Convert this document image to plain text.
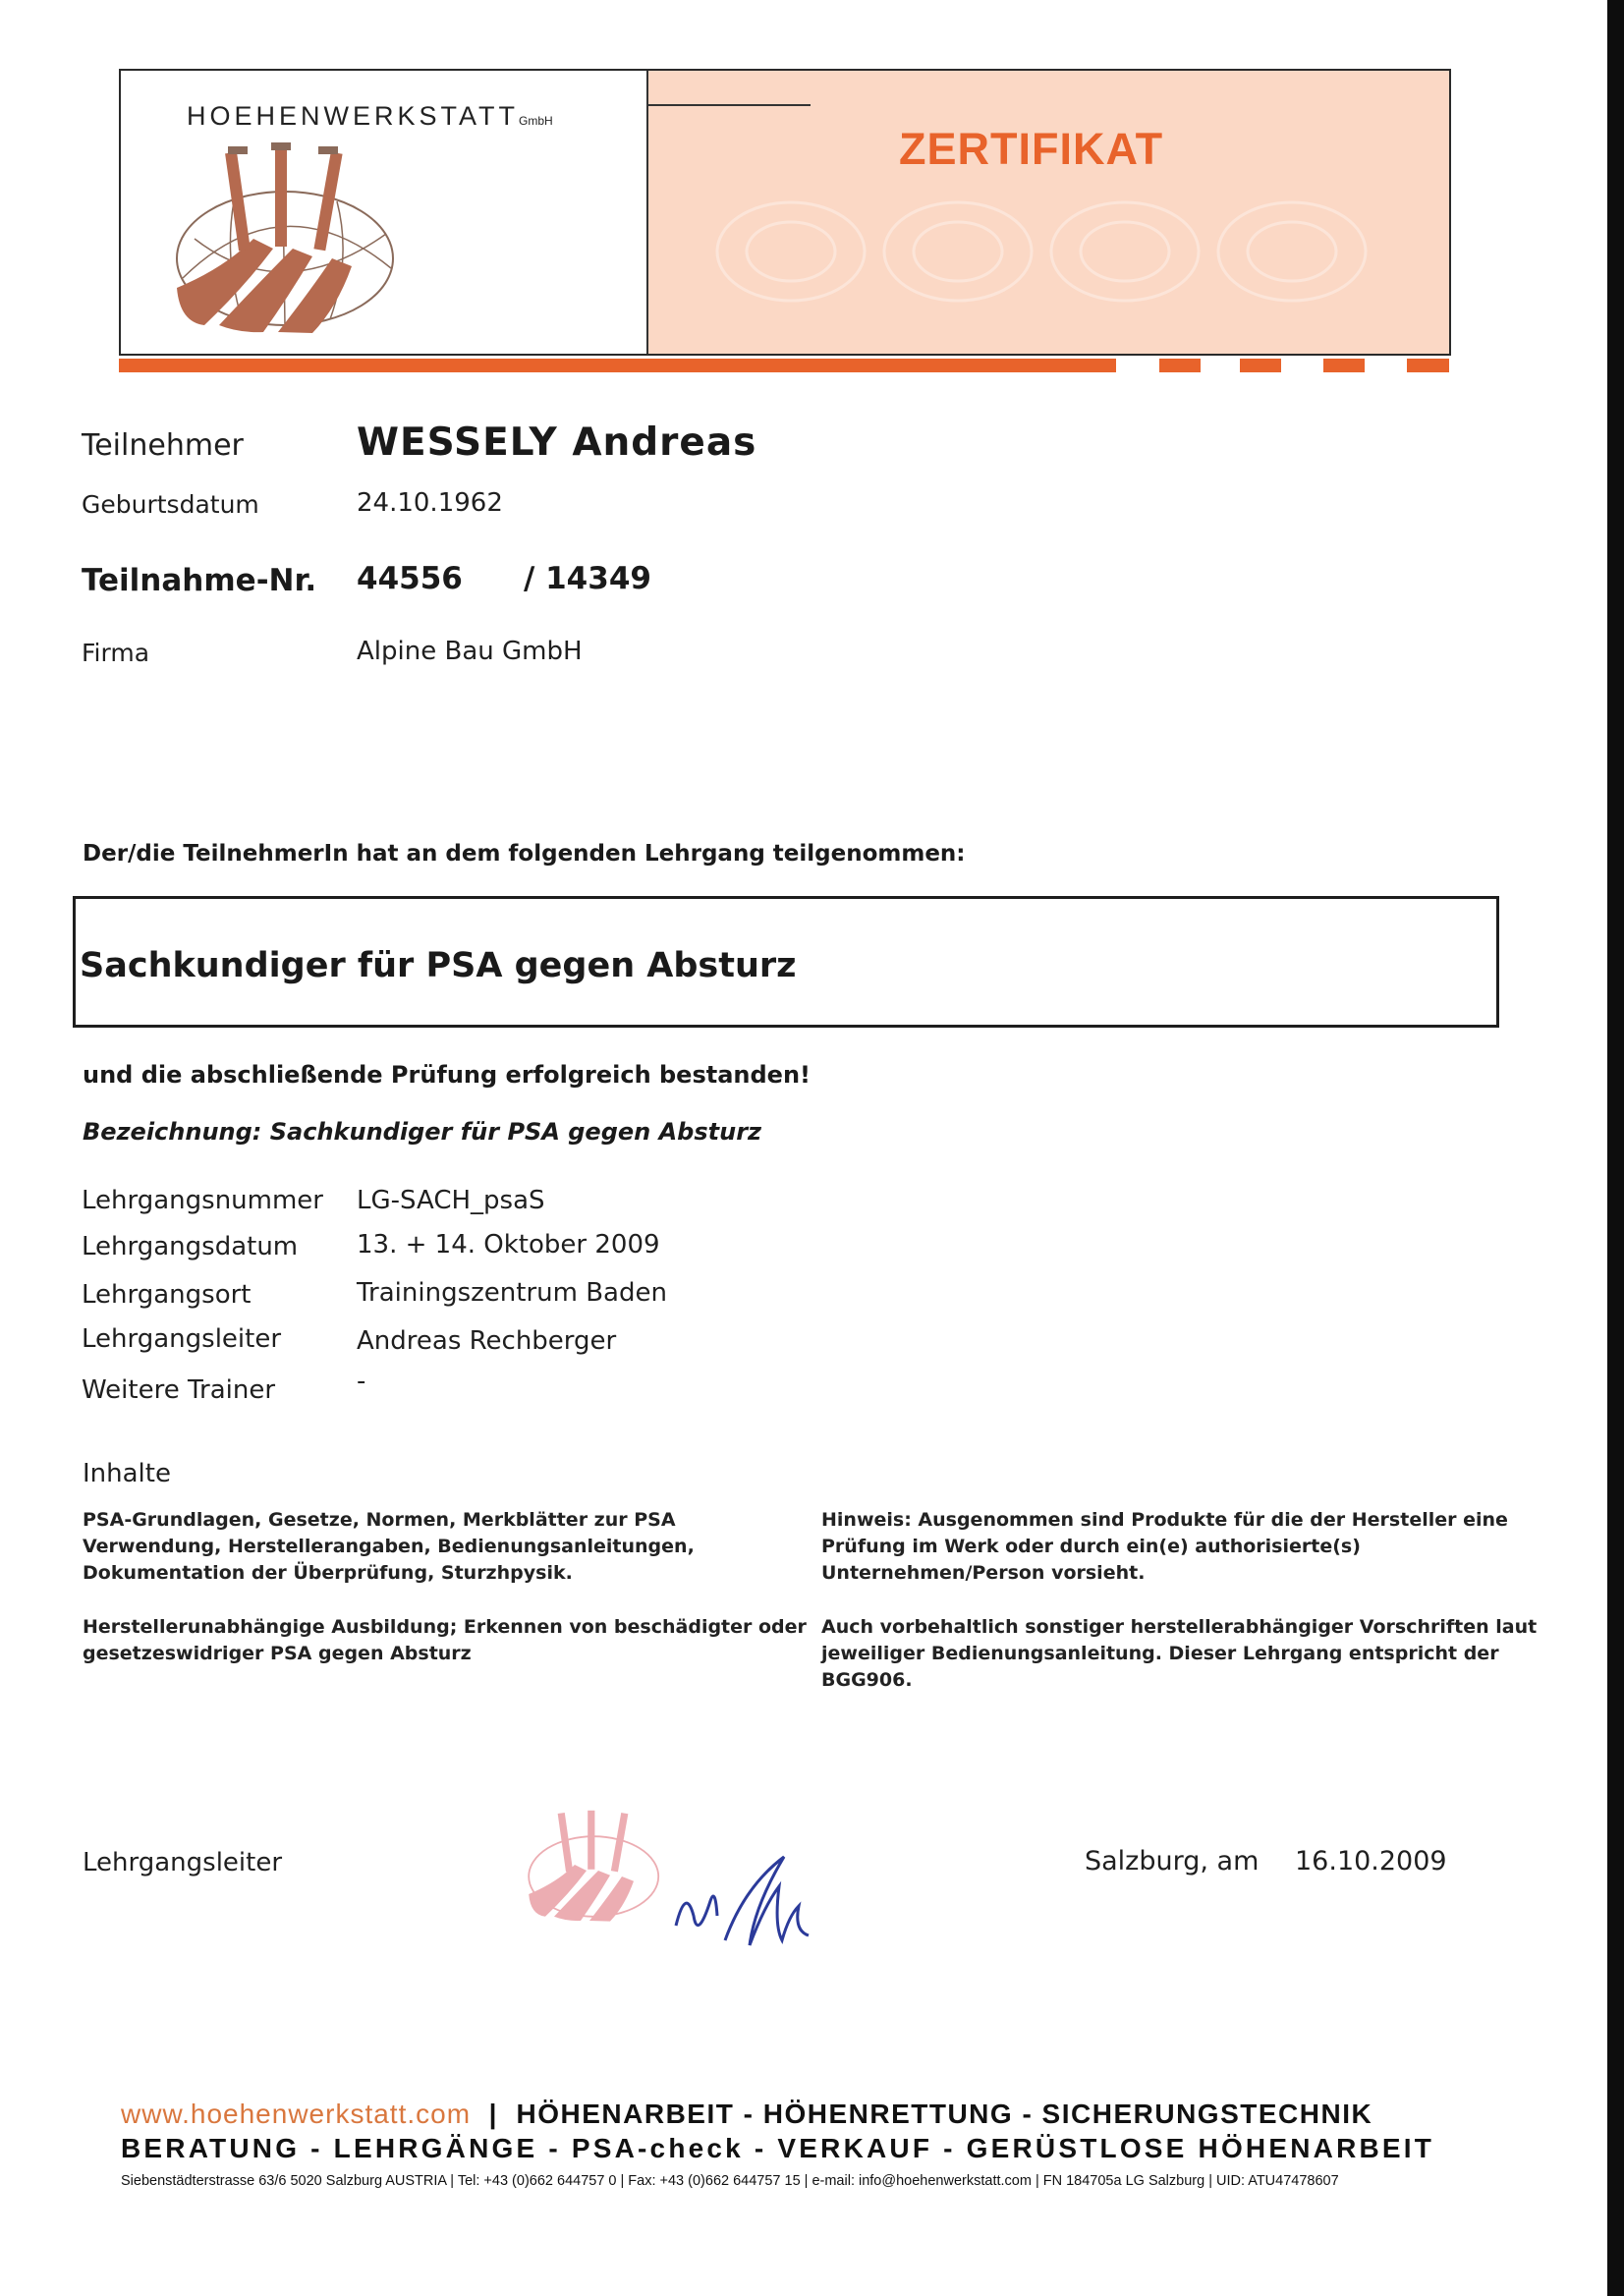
HOEHENWERKSTATTGmbH
ZERTIFIKAT
Teilnehmer	WESSELY Andreas
Geburtsdatum	24.10.1962
Teilnahme-Nr. 44556 / 14349
Firma	Alpine Bau GmbH
Der/die TeilnehmerIn hat an dem folgenden Lehrgang teilgenommen:
Sachkundiger für PSA gegen Absturz
und die abschließende Prüfung erfolgreich bestanden!
Bezeichnung: Sachkundiger für PSA gegen Absturz
Lehrgangsnummer LG-SACH_psaS
Lehrgangsdatum 13. + 14. Oktober 2009
Lehrgangsort	Trainingszentrum Baden
Lehrgangsleiter	Andreas Rechberger
Weitere Trainer	-
Inhalte
PSA-Grundlagen, Gesetze, Normen, Merkblätter zur PSA
Verwendung, Herstellerangaben, Bedienungsanleitungen,
Dokumentation der Überprüfung, Sturzhpysik.
Herstellerunabhängige Ausbildung; Erkennen von beschädigter oder
gesetzeswidriger PSA gegen Absturz
Hinweis: Ausgenommen sind Produkte für die der Hersteller eine
Prüfung im Werk oder durch ein(e) authorisierte(s)
Unternehmen/Person vorsieht.
Auch vorbehaltlich sonstiger herstellerabhängiger Vorschriften laut
jeweiliger Bedienungsanleitung. Dieser Lehrgang entspricht der
BGG906.
Lehrgangsleiter	Salzburg, am 16.10.2009
www.hoehenwerkstatt.com | HÖHENARBEIT - HÖHENRETTUNG - SICHERUNGSTECHNIK
BERATUNG - LEHRGÄNGE - PSA-check - VERKAUF - GERÜSTLOSE HÖHENARBEIT
Siebenstädterstrasse 63/6 5020 Salzburg AUSTRIA | Tel: +43 (0)662 644757 0 | Fax: +43 (0)662 644757 15 | e-mail: info@hoehenwerkstatt.com | FN 184705a LG Salzburg | UID: ATU47478607
